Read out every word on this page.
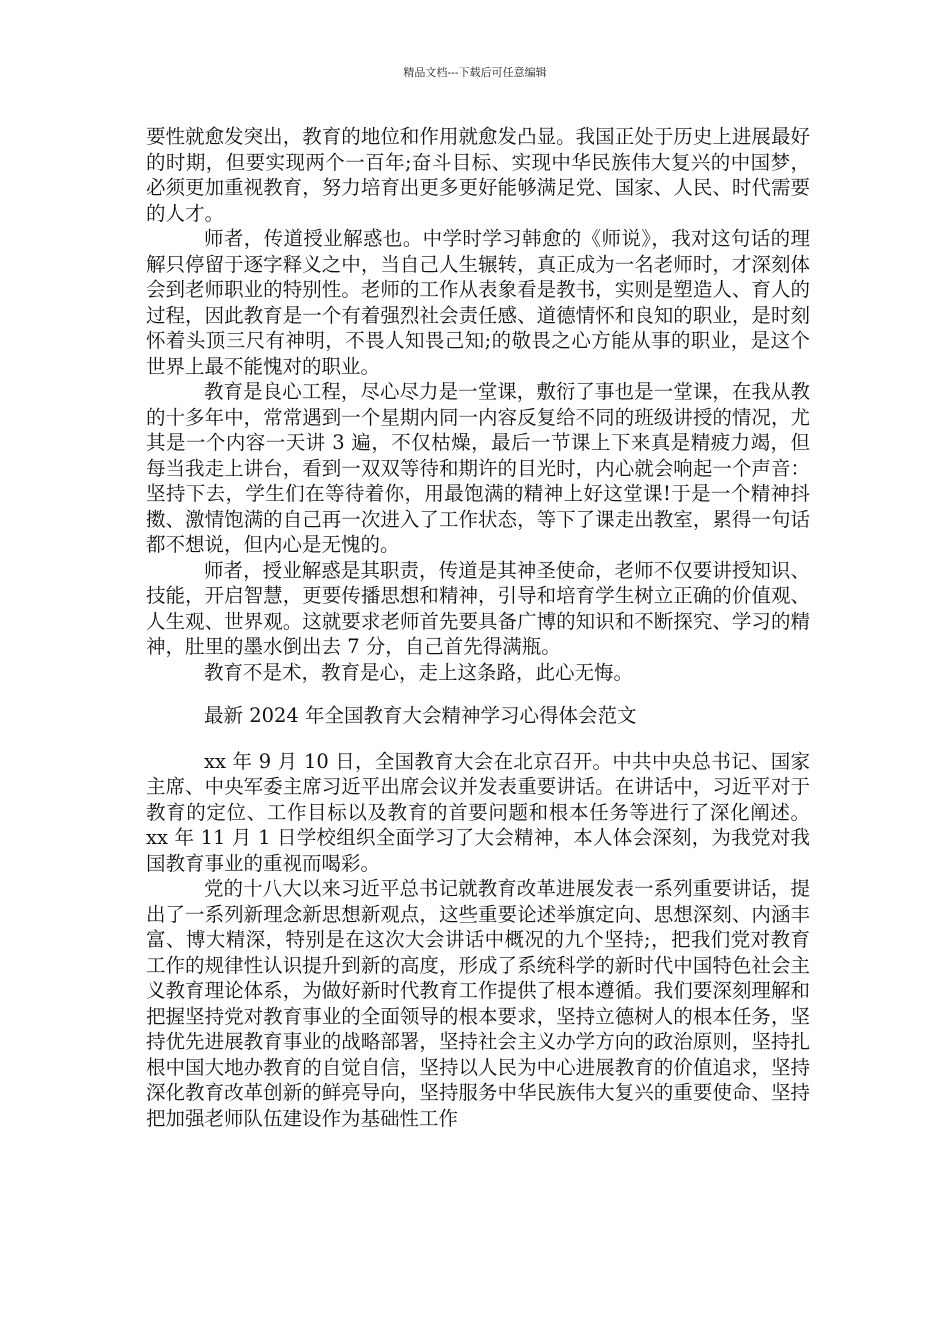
精品文档---下载后可任意编辑

要性就愈发突出，教育的地位和作用就愈发凸显。我国正处于历史上进展最好的时期，但要实现两个一百年;奋斗目标、实现中华民族伟大复兴的中国梦，必须更加重视教育，努力培育出更多更好能够满足党、国家、人民、时代需要的人才。

师者，传道授业解惑也。中学时学习韩愈的《师说》，我对这句话的理解只停留于逐字释义之中，当自己人生辗转，真正成为一名老师时，才深刻体会到老师职业的特别性。老师的工作从表象看是教书，实则是塑造人、育人的过程，因此教育是一个有着强烈社会责任感、道德情怀和良知的职业，是时刻怀着头顶三尺有神明，不畏人知畏己知;的敬畏之心方能从事的职业，是这个世界上最不能愧对的职业。

教育是良心工程，尽心尽力是一堂课，敷衍了事也是一堂课，在我从教的十多年中，常常遇到一个星期内同一内容反复给不同的班级讲授的情况，尤其是一个内容一天讲 3 遍，不仅枯燥，最后一节课上下来真是精疲力竭，但每当我走上讲台，看到一双双等待和期许的目光时，内心就会响起一个声音：坚持下去，学生们在等待着你，用最饱满的精神上好这堂课!于是一个精神抖擞、激情饱满的自己再一次进入了工作状态，等下了课走出教室，累得一句话都不想说，但内心是无愧的。

师者，授业解惑是其职责，传道是其神圣使命，老师不仅要讲授知识、技能，开启智慧，更要传播思想和精神，引导和培育学生树立正确的价值观、人生观、世界观。这就要求老师首先要具备广博的知识和不断探究、学习的精神，肚里的墨水倒出去 7 分，自己首先得满瓶。

教育不是术，教育是心，走上这条路，此心无悔。

最新 2024 年全国教育大会精神学习心得体会范文

xx 年 9 月 10 日，全国教育大会在北京召开。中共中央总书记、国家主席、中央军委主席习近平出席会议并发表重要讲话。在讲话中，习近平对于教育的定位、工作目标以及教育的首要问题和根本任务等进行了深化阐述。xx 年 11 月 1 日学校组织全面学习了大会精神，本人体会深刻，为我党对我国教育事业的重视而喝彩。

党的十八大以来习近平总书记就教育改革进展发表一系列重要讲话，提出了一系列新理念新思想新观点，这些重要论述举旗定向、思想深刻、内涵丰富、博大精深，特别是在这次大会讲话中概况的九个坚持;，把我们党对教育工作的规律性认识提升到新的高度，形成了系统科学的新时代中国特色社会主义教育理论体系，为做好新时代教育工作提供了根本遵循。我们要深刻理解和把握坚持党对教育事业的全面领导的根本要求，坚持立德树人的根本任务，坚持优先进展教育事业的战略部署，坚持社会主义办学方向的政治原则，坚持扎根中国大地办教育的自觉自信，坚持以人民为中心进展教育的价值追求，坚持深化教育改革创新的鲜亮导向，坚持服务中华民族伟大复兴的重要使命、坚持把加强老师队伍建设作为基础性工作
